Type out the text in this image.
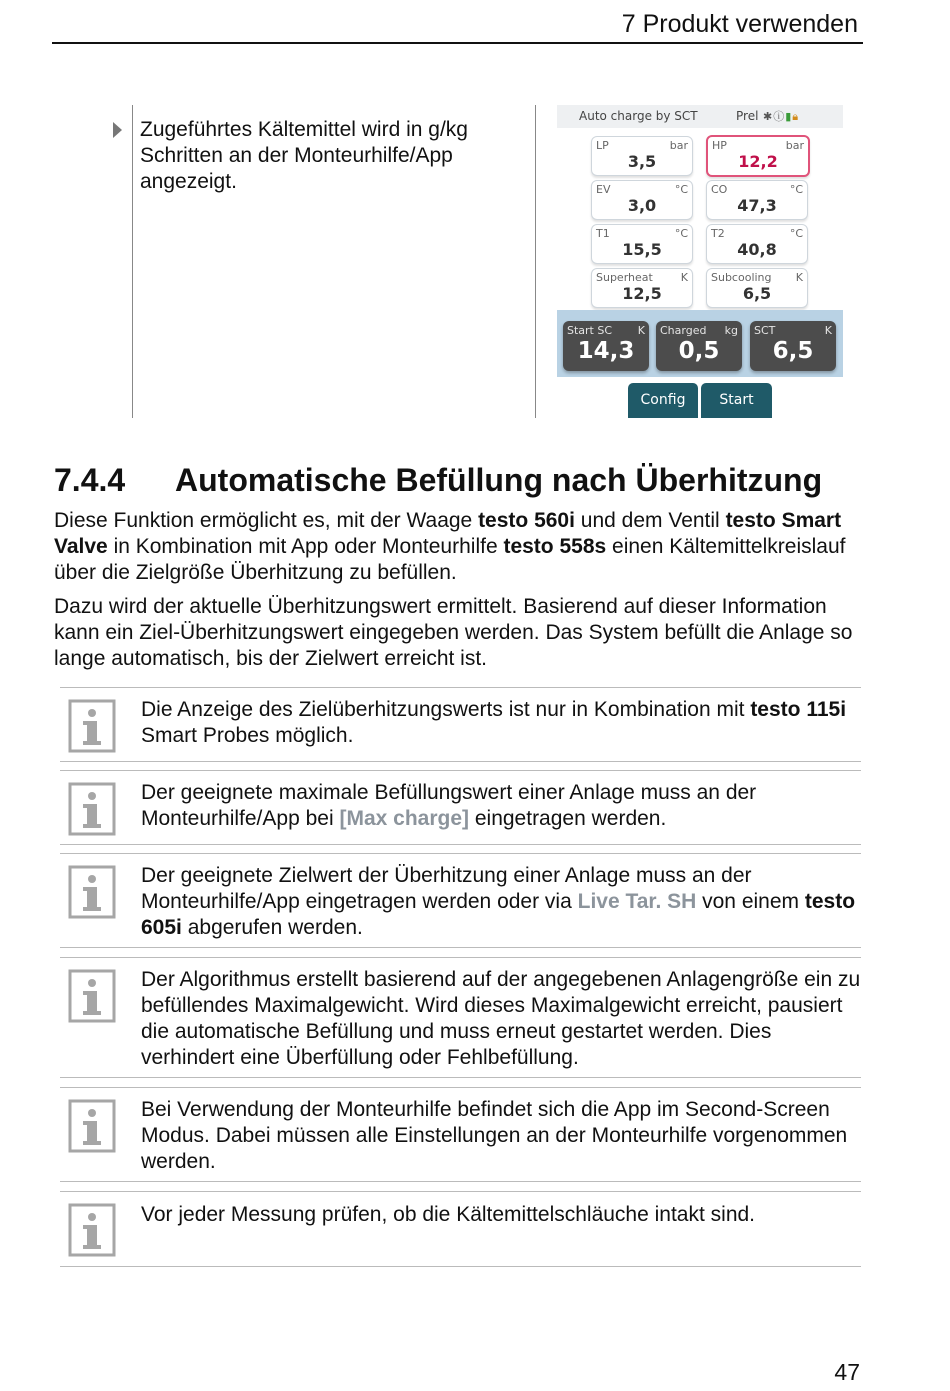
7 Produkt verwenden
Zugeführtes Kältemittel wird in g/kg Schritten an der Monteurhilfe/App angezeigt.
Auto charge by SCT	Prel ✱ⓘ▮🔒︎
LP	bar
3,5
HP	bar
12,2
EV	°C
3,0
CO	°C
47,3
T1	°C
15,5
T2	°C
40,8
Superheat	K
12,5
Subcooling K
6,5
Start SC K
14,3
Charged kg
0,5
SCT	K
6,5
Config	Start
7.4.4 Automatische Befüllung nach Überhitzung
Diese Funktion ermöglicht es, mit der Waage testo 560i und dem Ventil testo Smart Valve in Kombination mit App oder Monteurhilfe testo 558s einen Kältemittelkreislauf über die Zielgröße Überhitzung zu befüllen.
Dazu wird der aktuelle Überhitzungswert ermittelt. Basierend auf dieser Information kann ein Ziel-Überhitzungswert eingegeben werden. Das System befüllt die Anlage so lange automatisch, bis der Zielwert erreicht ist.
Die Anzeige des Zielüberhitzungswerts ist nur in Kombination mit testo 115i Smart Probes möglich.
Der geeignete maximale Befüllungswert einer Anlage muss an der Monteurhilfe/App bei [Max charge] eingetragen werden.
Der geeignete Zielwert der Überhitzung einer Anlage muss an der Monteurhilfe/App eingetragen werden oder via Live Tar. SH von einem testo 605i abgerufen werden.
Der Algorithmus erstellt basierend auf der angegebenen Anlagengröße ein zu befüllendes Maximalgewicht. Wird dieses Maximalgewicht erreicht, pausiert die automatische Befüllung und muss erneut gestartet werden. Dies verhindert eine Überfüllung oder Fehlbefüllung.
Bei Verwendung der Monteurhilfe befindet sich die App im Second-Screen Modus. Dabei müssen alle Einstellungen an der Monteurhilfe vorgenommen werden.
Vor jeder Messung prüfen, ob die Kältemittelschläuche intakt sind.
47
